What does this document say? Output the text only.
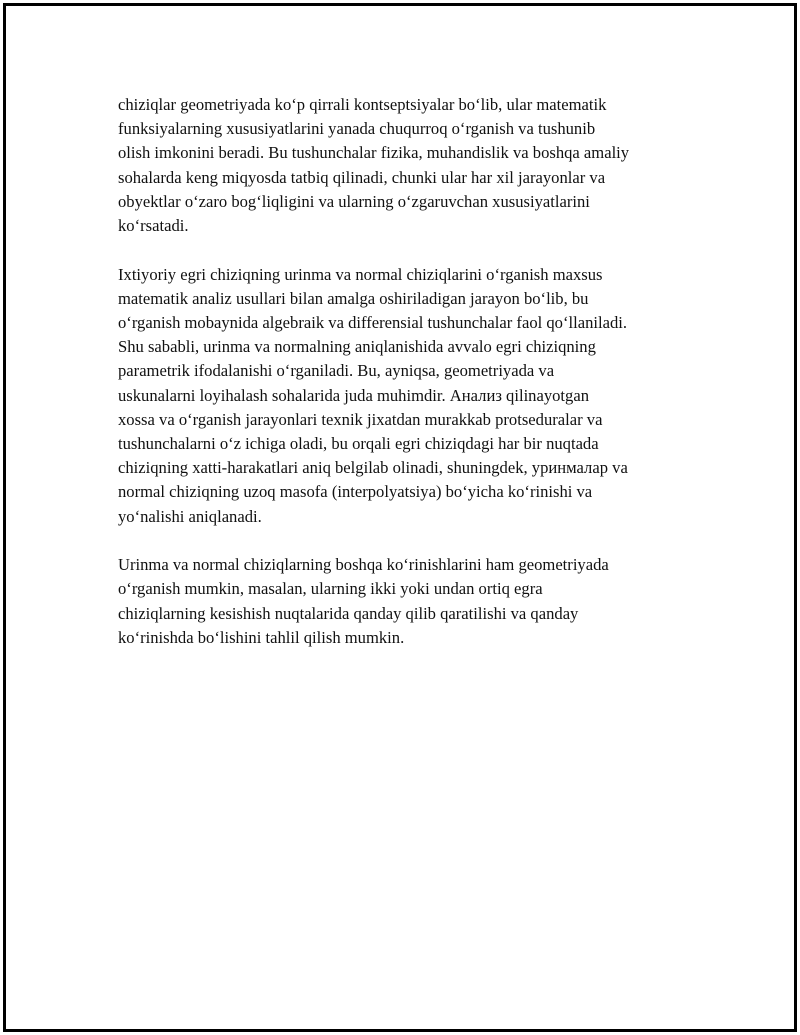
chiziqlar geometriyada ko‘p qirrali kontseptsiyalar bo‘lib, ular matematik
funksiyalarning xususiyatlarini yanada chuqurroq o‘rganish va tushunib
olish imkonini beradi. Bu tushunchalar fizika, muhandislik va boshqa amaliy
sohalarda keng miqyosda tatbiq qilinadi, chunki ular har xil jarayonlar va
obyektlar o‘zaro bog‘liqligini va ularning o‘zgaruvchan xususiyatlarini
ko‘rsatadi.

Ixtiyoriy egri chiziqning urinma va normal chiziqlarini o‘rganish maxsus
matematik analiz usullari bilan amalga oshiriladigan jarayon bo‘lib, bu
o‘rganish mobaynida algebraik va differensial tushunchalar faol qo‘llaniladi.
Shu sababli, urinma va normalning aniqlanishida avvalo egri chiziqning
parametrik ifodalanishi o‘rganiladi. Bu, ayniqsa, geometriyada va
uskunalarni loyihalash sohalarida juda muhimdir. Анализ qilinayotgan
xossa va o‘rganish jarayonlari texnik jixatdan murakkab protseduralar va
tushunchalarni o‘z ichiga oladi, bu orqali egri chiziqdagi har bir nuqtada
chiziqning xatti-harakatlari aniq belgilab olinadi, shuningdek, уринмалар va
normal chiziqning uzoq masofa (interpolyatsiya) bo‘yicha ko‘rinishi va
yo‘nalishi aniqlanadi.

Urinma va normal chiziqlarning boshqa ko‘rinishlarini ham geometriyada
o‘rganish mumkin, masalan, ularning ikki yoki undan ortiq egra
chiziqlarning kesishish nuqtalarida qanday qilib qaratilishi va qanday
ko‘rinishda bo‘lishini tahlil qilish mumkin.
